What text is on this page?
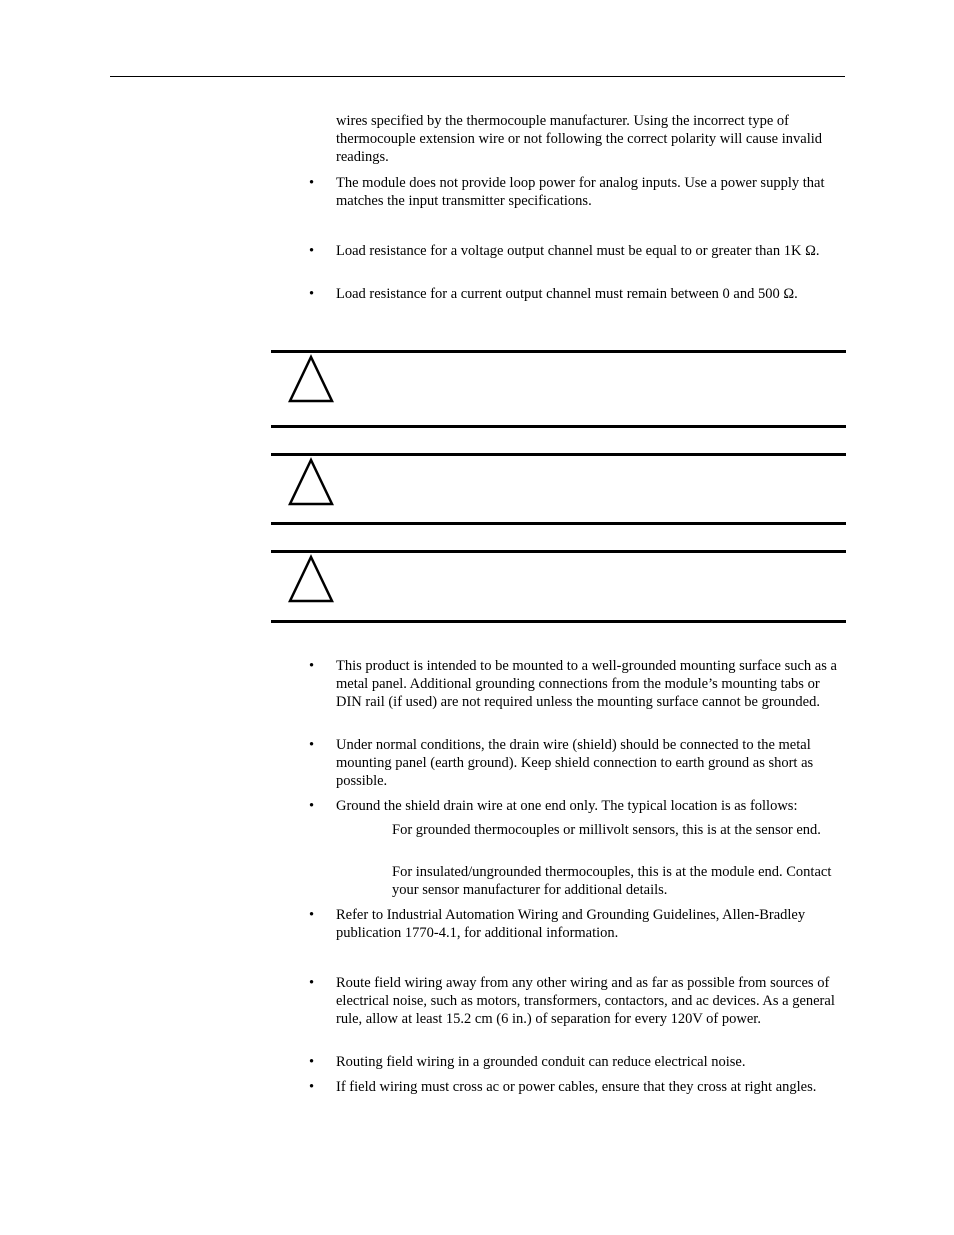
wires specified by the thermocouple manufacturer. Using the incorrect type of thermocouple extension wire or not following the correct polarity will cause invalid readings.

• The module does not provide loop power for analog inputs. Use a power supply that matches the input transmitter specifications.
• Load resistance for a voltage output channel must be equal to or greater than 1K Ω.
• Load resistance for a current output channel must remain between 0 and 500 Ω.
• This product is intended to be mounted to a well-grounded mounting surface such as a metal panel. Additional grounding connections from the module’s mounting tabs or DIN rail (if used) are not required unless the mounting surface cannot be grounded.
• Under normal conditions, the drain wire (shield) should be connected to the metal mounting panel (earth ground). Keep shield connection to earth ground as short as possible.
• Ground the shield drain wire at one end only. The typical location is as follows:

For grounded thermocouples or millivolt sensors, this is at the sensor end.

For insulated/ungrounded thermocouples, this is at the module end. Contact your sensor manufacturer for additional details.

• Refer to Industrial Automation Wiring and Grounding Guidelines, Allen-Bradley publication 1770-4.1, for additional information.
• Route field wiring away from any other wiring and as far as possible from sources of electrical noise, such as motors, transformers, contactors, and ac devices. As a general rule, allow at least 15.2 cm (6 in.) of separation for every 120V of power.
• Routing field wiring in a grounded conduit can reduce electrical noise.
• If field wiring must cross ac or power cables, ensure that they cross at right angles.
